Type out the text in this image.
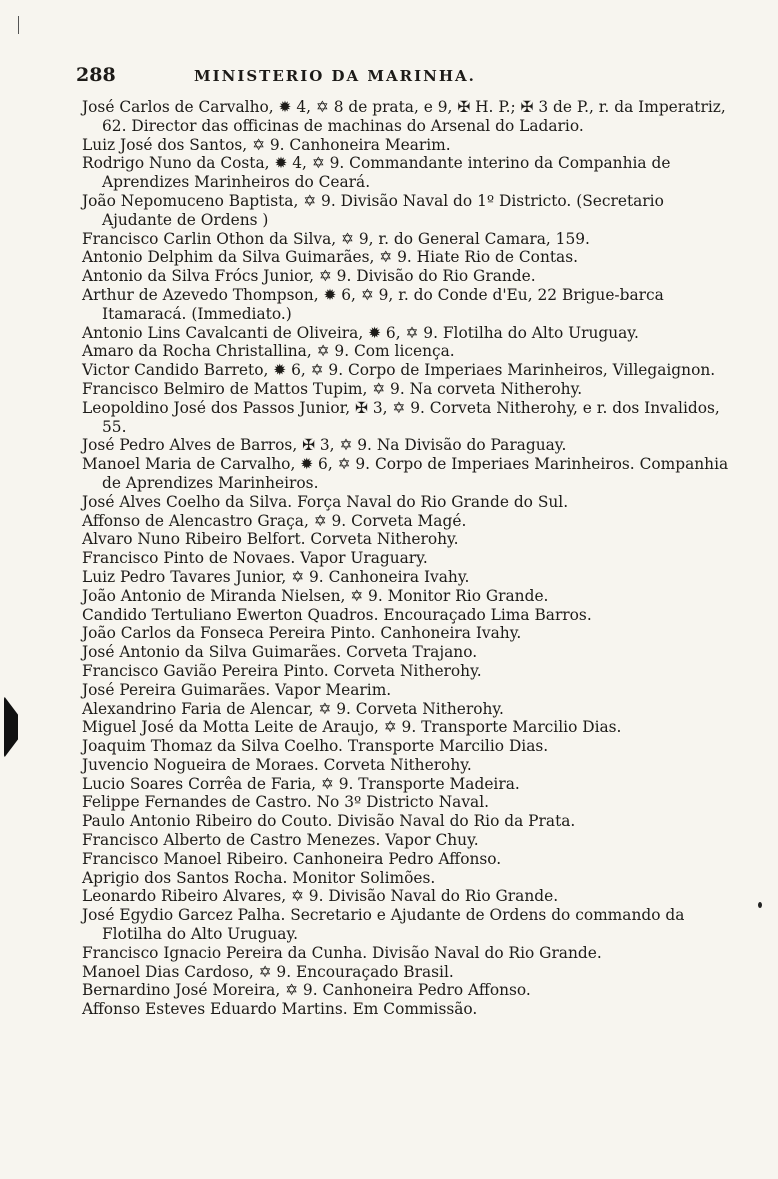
288	MINISTERIO DA MARINHA.
José Carlos de Carvalho, ✹ 4, ✡ 8 de prata, e 9, ✠ H. P.; ✠ 3 de P., r. da Imperatriz, 62. Director das officinas de machinas do Arsenal do Ladario.
Luiz José dos Santos, ✡ 9. Canhoneira Mearim.
Rodrigo Nuno da Costa, ✹ 4, ✡ 9. Commandante interino da Companhia de Aprendizes Marinheiros do Ceará.
João Nepomuceno Baptista, ✡ 9. Divisão Naval do 1º Districto. (Secretario Ajudante de Ordens )
Francisco Carlin Othon da Silva, ✡ 9, r. do General Camara, 159.
Antonio Delphim da Silva Guimarães, ✡ 9. Hiate Rio de Contas.
Antonio da Silva Frócs Junior, ✡ 9. Divisão do Rio Grande.
Arthur de Azevedo Thompson, ✹ 6, ✡ 9, r. do Conde d'Eu, 22 Brigue-barca Itamaracá. (Immediato.)
Antonio Lins Cavalcanti de Oliveira, ✹ 6, ✡ 9. Flotilha do Alto Uruguay.
Amaro da Rocha Christallina, ✡ 9. Com licença.
Victor Candido Barreto, ✹ 6, ✡ 9. Corpo de Imperiaes Marinheiros, Villegaignon.
Francisco Belmiro de Mattos Tupim, ✡ 9. Na corveta Nitherohy.
Leopoldino José dos Passos Junior, ✠ 3, ✡ 9. Corveta Nitherohy, e r. dos Invalidos, 55.
José Pedro Alves de Barros, ✠ 3, ✡ 9. Na Divisão do Paraguay.
Manoel Maria de Carvalho, ✹ 6, ✡ 9. Corpo de Imperiaes Marinheiros. Companhia de Aprendizes Marinheiros.
José Alves Coelho da Silva. Força Naval do Rio Grande do Sul.
Affonso de Alencastro Graça, ✡ 9. Corveta Magé.
Alvaro Nuno Ribeiro Belfort. Corveta Nitherohy.
Francisco Pinto de Novaes. Vapor Uraguary.
Luiz Pedro Tavares Junior, ✡ 9. Canhoneira Ivahy.
João Antonio de Miranda Nielsen, ✡ 9. Monitor Rio Grande.
Candido Tertuliano Ewerton Quadros. Encouraçado Lima Barros.
João Carlos da Fonseca Pereira Pinto. Canhoneira Ivahy.
José Antonio da Silva Guimarães. Corveta Trajano.
Francisco Gavião Pereira Pinto. Corveta Nitherohy.
José Pereira Guimarães. Vapor Mearim.
Alexandrino Faria de Alencar, ✡ 9. Corveta Nitherohy.
Miguel José da Motta Leite de Araujo, ✡ 9. Transporte Marcilio Dias.
Joaquim Thomaz da Silva Coelho. Transporte Marcilio Dias.
Juvencio Nogueira de Moraes. Corveta Nitherohy.
Lucio Soares Corrêa de Faria, ✡ 9. Transporte Madeira.
Felippe Fernandes de Castro. No 3º Districto Naval.
Paulo Antonio Ribeiro do Couto. Divisão Naval do Rio da Prata.
Francisco Alberto de Castro Menezes. Vapor Chuy.
Francisco Manoel Ribeiro. Canhoneira Pedro Affonso.
Aprigio dos Santos Rocha. Monitor Solimões.
Leonardo Ribeiro Alvares, ✡ 9. Divisão Naval do Rio Grande.
José Egydio Garcez Palha. Secretario e Ajudante de Ordens do commando da Flotilha do Alto Uruguay.
Francisco Ignacio Pereira da Cunha. Divisão Naval do Rio Grande.
Manoel Dias Cardoso, ✡ 9. Encouraçado Brasil.
Bernardino José Moreira, ✡ 9. Canhoneira Pedro Affonso.
Affonso Esteves Eduardo Martins. Em Commissão.
